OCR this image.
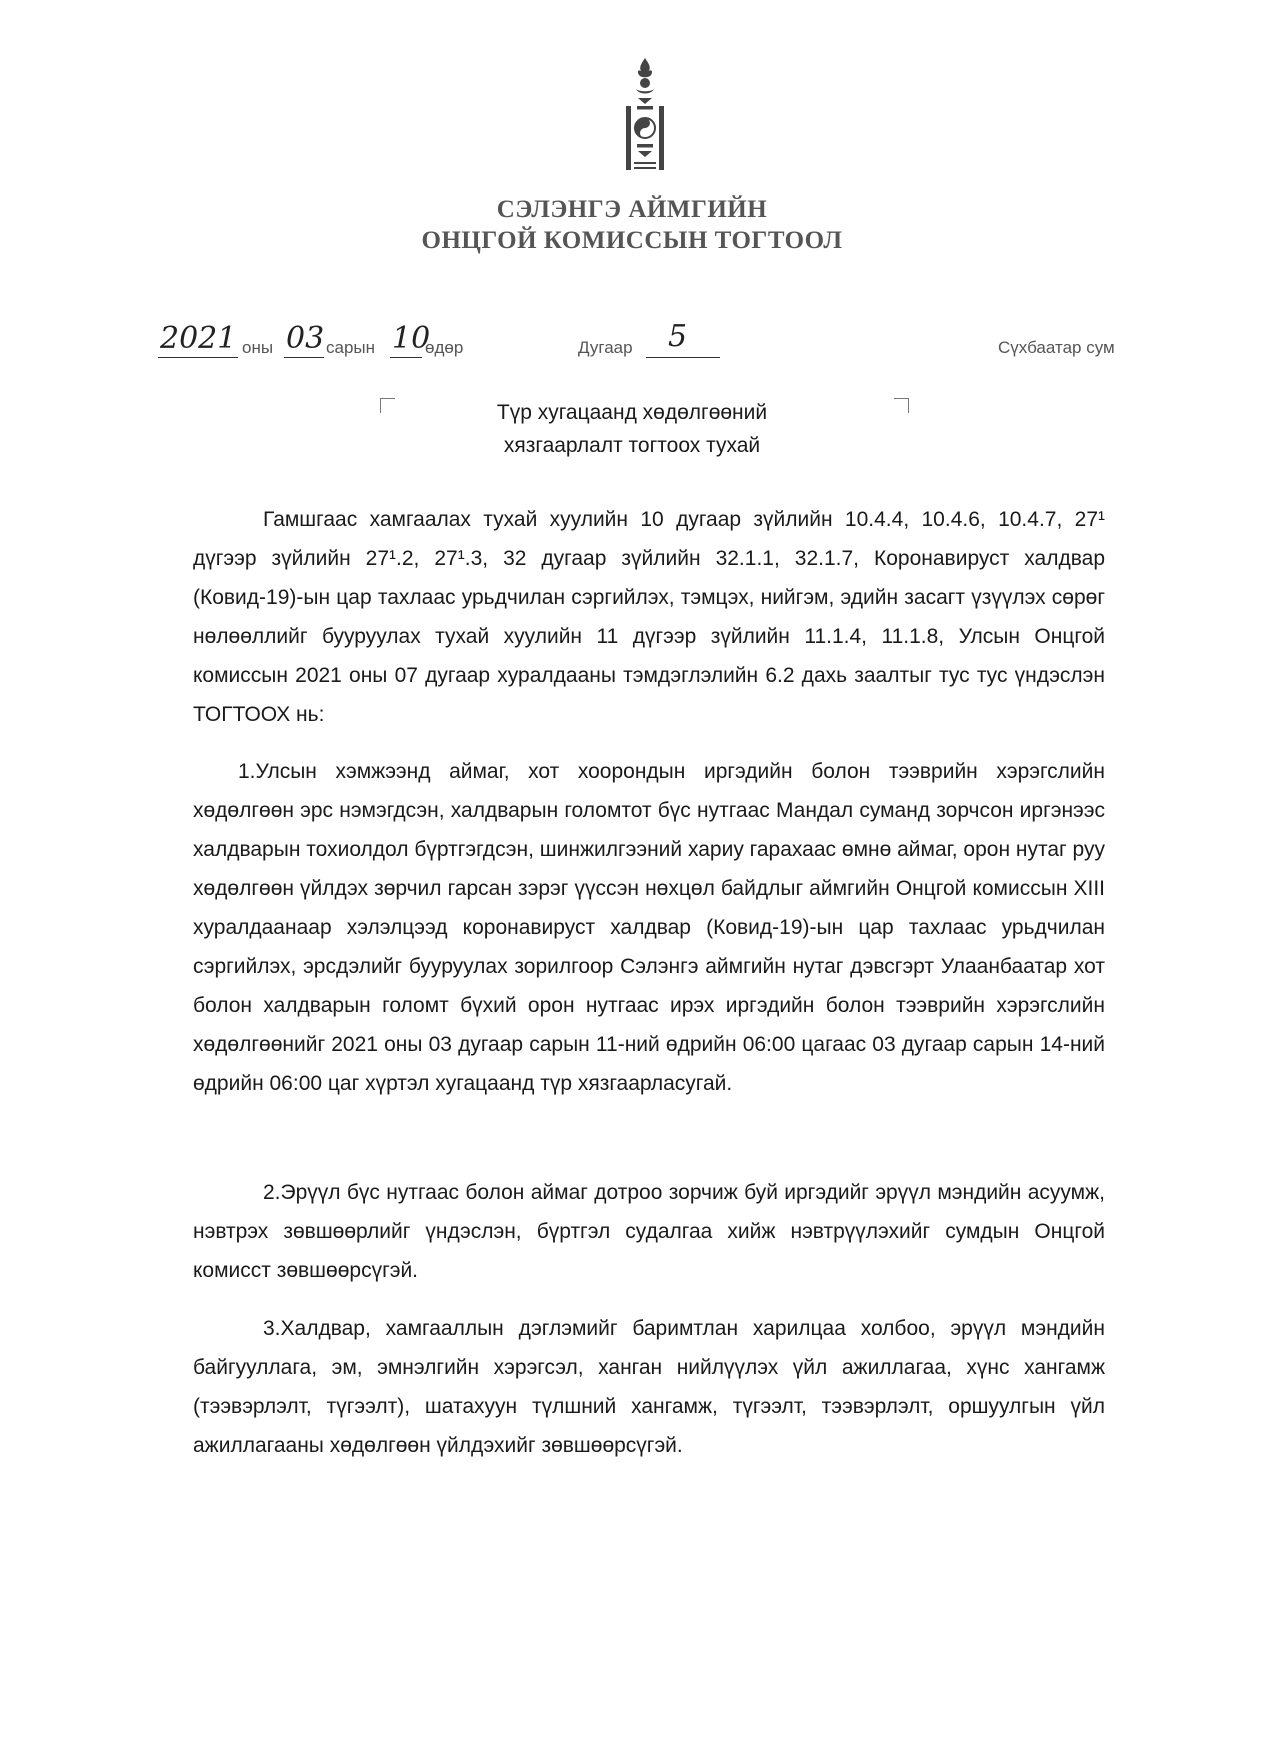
СЭЛЭНГЭ АЙМГИЙН
ОНЦГОЙ КОМИССЫН ТОГТООЛ
2021 оны 03 сарын 10
өдөр	Дугаар 5	Сүхбаатар сум
Түр хугацаанд хөдөлгөөний
хязгаарлалт тогтоох тухай

Гамшгаас хамгаалах тухай хуулийн 10 дугаар зүйлийн 10.4.4, 10.4.6, 10.4.7, 27¹ дүгээр зүйлийн 27¹.2, 27¹.3, 32 дугаар зүйлийн 32.1.1, 32.1.7, Коронавируст халдвар (Ковид-19)-ын цар тахлаас урьдчилан сэргийлэх, тэмцэх, нийгэм, эдийн засагт үзүүлэх сөрөг нөлөөллийг бууруулах тухай хуулийн 11 дүгээр зүйлийн 11.1.4, 11.1.8, Улсын Онцгой комиссын 2021 оны 07 дугаар хуралдааны тэмдэглэлийн 6.2 дахь заалтыг тус тус үндэслэн ТОГТООХ нь:

1.Улсын хэмжээнд аймаг, хот хоорондын иргэдийн болон тээврийн хэрэгслийн хөдөлгөөн эрс нэмэгдсэн, халдварын голомтот бүс нутгаас Мандал суманд зорчсон иргэнээс халдварын тохиолдол бүртгэгдсэн, шинжилгээний хариу гарахаас өмнө аймаг, орон нутаг руу хөдөлгөөн үйлдэх зөрчил гарсан зэрэг үүссэн нөхцөл байдлыг аймгийн Онцгой комиссын XIII хуралдаанаар хэлэлцээд коронавируст халдвар (Ковид-19)-ын цар тахлаас урьдчилан сэргийлэх, эрсдэлийг бууруулах зорилгоор Сэлэнгэ аймгийн нутаг дэвсгэрт Улаанбаатар хот болон халдварын голомт бүхий орон нутгаас ирэх иргэдийн болон тээврийн хэрэгслийн хөдөлгөөнийг 2021 оны 03 дугаар сарын 11-ний өдрийн 06:00 цагаас 03 дугаар сарын 14-ний өдрийн 06:00 цаг хүртэл хугацаанд түр хязгаарласугай.

2.Эрүүл бүс нутгаас болон аймаг дотроо зорчиж буй иргэдийг эрүүл мэндийн асуумж, нэвтрэх зөвшөөрлийг үндэслэн, бүртгэл судалгаа хийж нэвтрүүлэхийг сумдын Онцгой комисст зөвшөөрсүгэй.

3.Халдвар, хамгааллын дэглэмийг баримтлан харилцаа холбоо, эрүүл мэндийн байгууллага, эм, эмнэлгийн хэрэгсэл, ханган нийлүүлэх үйл ажиллагаа, хүнс хангамж (тээвэрлэлт, түгээлт), шатахуун түлшний хангамж, түгээлт, тээвэрлэлт, оршуулгын үйл ажиллагааны хөдөлгөөн үйлдэхийг зөвшөөрсүгэй.
